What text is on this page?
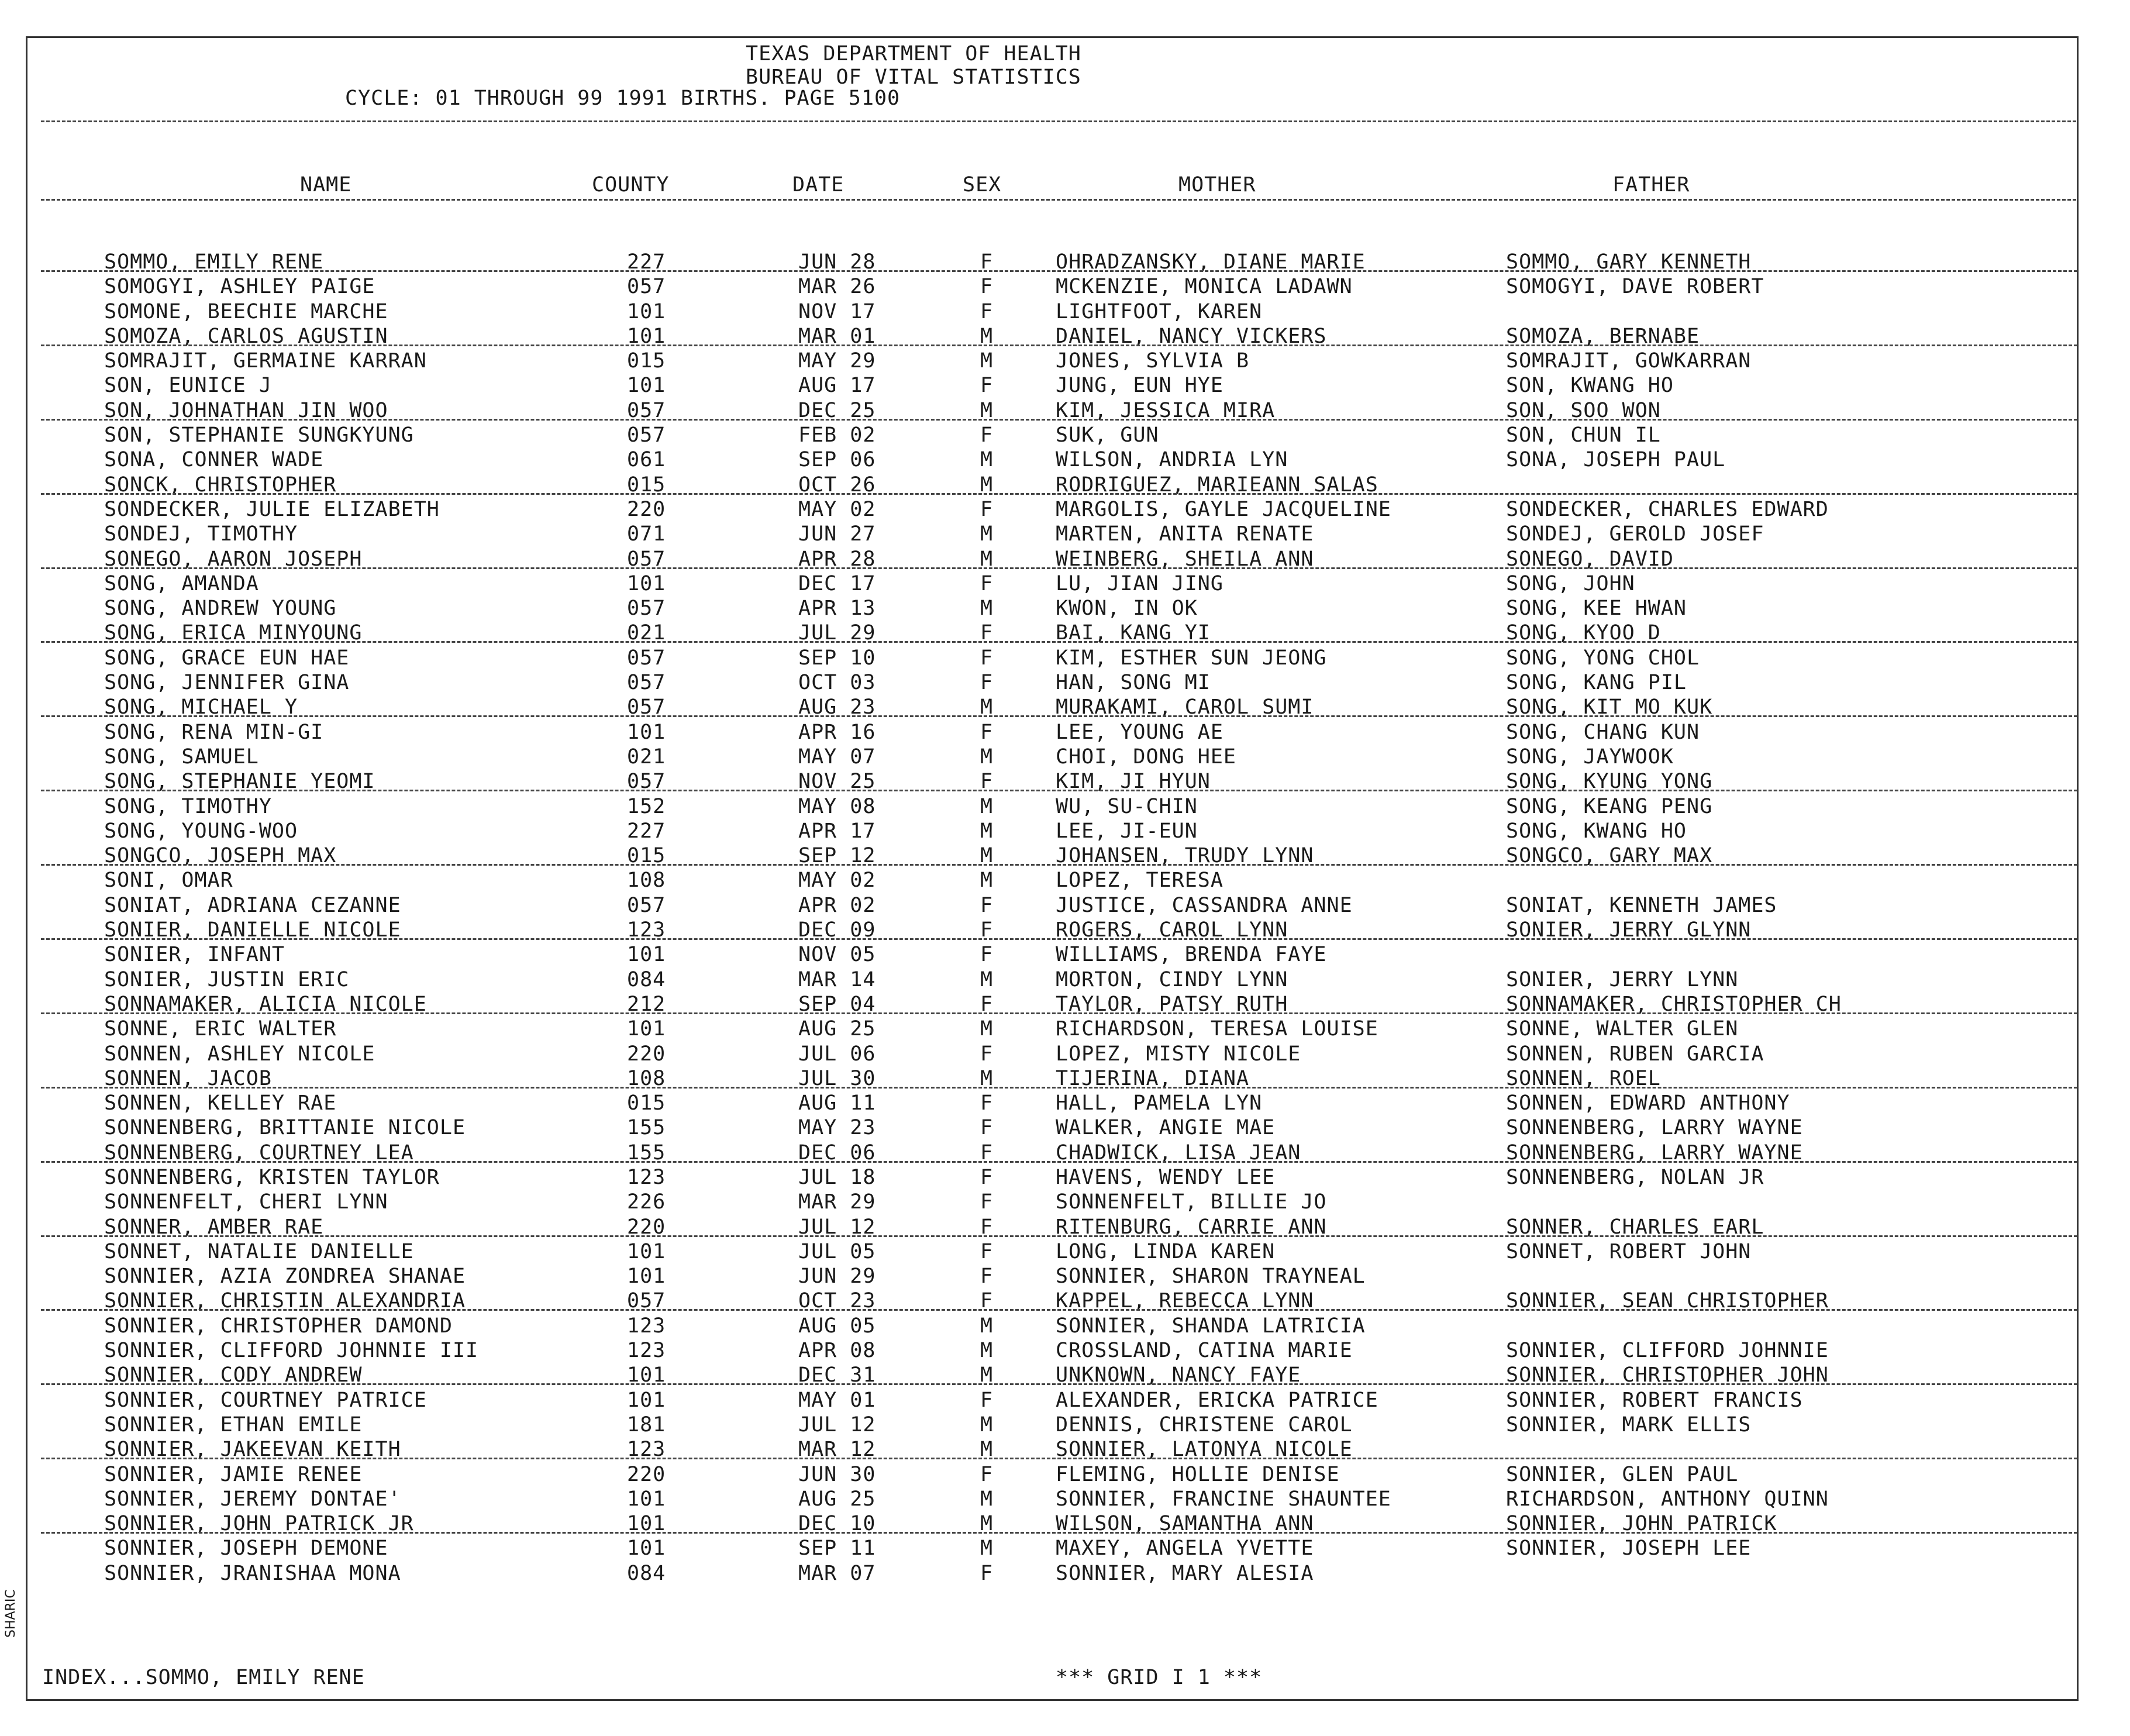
TEXAS DEPARTMENT OF HEALTH
BUREAU OF VITAL STATISTICS
CYCLE: 01 THROUGH 99 1991 BIRTHS. PAGE 5100
NAME	COUNTY	DATE	SEX	MOTHER	FATHER
SOMMO, EMILY RENE	227	JUN 28	F	OHRADZANSKY, DIANE MARIE	SOMMO, GARY KENNETH
SOMOGYI, ASHLEY PAIGE	057	MAR 26	F	MCKENZIE, MONICA LADAWN	SOMOGYI, DAVE ROBERT
SOMONE, BEECHIE MARCHE	101	NOV 17	F	LIGHTFOOT, KAREN
SOMOZA, CARLOS AGUSTIN	101	MAR 01	M	DANIEL, NANCY VICKERS	SOMOZA, BERNABE
SOMRAJIT, GERMAINE KARRAN	015	MAY 29	M	JONES, SYLVIA B	SOMRAJIT, GOWKARRAN
SON, EUNICE J	101	AUG 17	F	JUNG, EUN HYE	SON, KWANG HO
SON, JOHNATHAN JIN WOO	057	DEC 25	M	KIM, JESSICA MIRA	SON, SOO WON
SON, STEPHANIE SUNGKYUNG	057	FEB 02	F	SUK, GUN	SON, CHUN IL
SONA, CONNER WADE	061	SEP 06	M	WILSON, ANDRIA LYN	SONA, JOSEPH PAUL
SONCK, CHRISTOPHER	015	OCT 26	M	RODRIGUEZ, MARIEANN SALAS
SONDECKER, JULIE ELIZABETH	220	MAY 02	F	MARGOLIS, GAYLE JACQUELINE	SONDECKER, CHARLES EDWARD
SONDEJ, TIMOTHY	071	JUN 27	M	MARTEN, ANITA RENATE	SONDEJ, GEROLD JOSEF
SONEGO, AARON JOSEPH	057	APR 28	M	WEINBERG, SHEILA ANN	SONEGO, DAVID
SONG, AMANDA	101	DEC 17	F	LU, JIAN JING	SONG, JOHN
SONG, ANDREW YOUNG	057	APR 13	M	KWON, IN OK	SONG, KEE HWAN
SONG, ERICA MINYOUNG	021	JUL 29	F	BAI, KANG YI	SONG, KYOO D
SONG, GRACE EUN HAE	057	SEP 10	F	KIM, ESTHER SUN JEONG	SONG, YONG CHOL
SONG, JENNIFER GINA	057	OCT 03	F	HAN, SONG MI	SONG, KANG PIL
SONG, MICHAEL Y	057	AUG 23	M	MURAKAMI, CAROL SUMI	SONG, KIT MO KUK
SONG, RENA MIN-GI	101	APR 16	F	LEE, YOUNG AE	SONG, CHANG KUN
SONG, SAMUEL	021	MAY 07	M	CHOI, DONG HEE	SONG, JAYWOOK
SONG, STEPHANIE YEOMI	057	NOV 25	F	KIM, JI HYUN	SONG, KYUNG YONG
SONG, TIMOTHY	152	MAY 08	M	WU, SU-CHIN	SONG, KEANG PENG
SONG, YOUNG-WOO	227	APR 17	M	LEE, JI-EUN	SONG, KWANG HO
SONGCO, JOSEPH MAX	015	SEP 12	M	JOHANSEN, TRUDY LYNN	SONGCO, GARY MAX
SONI, OMAR	108	MAY 02	M	LOPEZ, TERESA
SONIAT, ADRIANA CEZANNE	057	APR 02	F	JUSTICE, CASSANDRA ANNE	SONIAT, KENNETH JAMES
SONIER, DANIELLE NICOLE	123	DEC 09	F	ROGERS, CAROL LYNN	SONIER, JERRY GLYNN
SONIER, INFANT	101	NOV 05	F	WILLIAMS, BRENDA FAYE
SONIER, JUSTIN ERIC	084	MAR 14	M	MORTON, CINDY LYNN	SONIER, JERRY LYNN
SONNAMAKER, ALICIA NICOLE	212	SEP 04	F	TAYLOR, PATSY RUTH	SONNAMAKER, CHRISTOPHER CH
SONNE, ERIC WALTER	101	AUG 25	M	RICHARDSON, TERESA LOUISE	SONNE, WALTER GLEN
SONNEN, ASHLEY NICOLE	220	JUL 06	F	LOPEZ, MISTY NICOLE	SONNEN, RUBEN GARCIA
SONNEN, JACOB	108	JUL 30	M	TIJERINA, DIANA	SONNEN, ROEL
SONNEN, KELLEY RAE	015	AUG 11	F	HALL, PAMELA LYN	SONNEN, EDWARD ANTHONY
SONNENBERG, BRITTANIE NICOLE	155	MAY 23	F	WALKER, ANGIE MAE	SONNENBERG, LARRY WAYNE
SONNENBERG, COURTNEY LEA	155	DEC 06	F	CHADWICK, LISA JEAN	SONNENBERG, LARRY WAYNE
SONNENBERG, KRISTEN TAYLOR	123	JUL 18	F	HAVENS, WENDY LEE	SONNENBERG, NOLAN JR
SONNENFELT, CHERI LYNN	226	MAR 29	F	SONNENFELT, BILLIE JO
SONNER, AMBER RAE	220	JUL 12	F	RITENBURG, CARRIE ANN	SONNER, CHARLES EARL
SONNET, NATALIE DANIELLE	101	JUL 05	F	LONG, LINDA KAREN	SONNET, ROBERT JOHN
SONNIER, AZIA ZONDREA SHANAE	101	JUN 29	F	SONNIER, SHARON TRAYNEAL
SONNIER, CHRISTIN ALEXANDRIA	057	OCT 23	F	KAPPEL, REBECCA LYNN	SONNIER, SEAN CHRISTOPHER
SONNIER, CHRISTOPHER DAMOND	123	AUG 05	M	SONNIER, SHANDA LATRICIA
SONNIER, CLIFFORD JOHNNIE III	123	APR 08	M	CROSSLAND, CATINA MARIE	SONNIER, CLIFFORD JOHNNIE
SONNIER, CODY ANDREW	101	DEC 31	M	UNKNOWN, NANCY FAYE	SONNIER, CHRISTOPHER JOHN
SONNIER, COURTNEY PATRICE	101	MAY 01	F	ALEXANDER, ERICKA PATRICE	SONNIER, ROBERT FRANCIS
SONNIER, ETHAN EMILE	181	JUL 12	M	DENNIS, CHRISTENE CAROL	SONNIER, MARK ELLIS
SONNIER, JAKEEVAN KEITH	123	MAR 12	M	SONNIER, LATONYA NICOLE
SONNIER, JAMIE RENEE	220	JUN 30	F	FLEMING, HOLLIE DENISE	SONNIER, GLEN PAUL
SONNIER, JEREMY DONTAE'	101	AUG 25	M	SONNIER, FRANCINE SHAUNTEE	RICHARDSON, ANTHONY QUINN
SONNIER, JOHN PATRICK JR	101	DEC 10	M	WILSON, SAMANTHA ANN	SONNIER, JOHN PATRICK
SONNIER, JOSEPH DEMONE	101	SEP 11	M	MAXEY, ANGELA YVETTE	SONNIER, JOSEPH LEE
SONNIER, JRANISHAA MONA	084	MAR 07	F	SONNIER, MARY ALESIA
INDEX...SOMMO, EMILY RENE	*** GRID I 1 ***
SHARIC
